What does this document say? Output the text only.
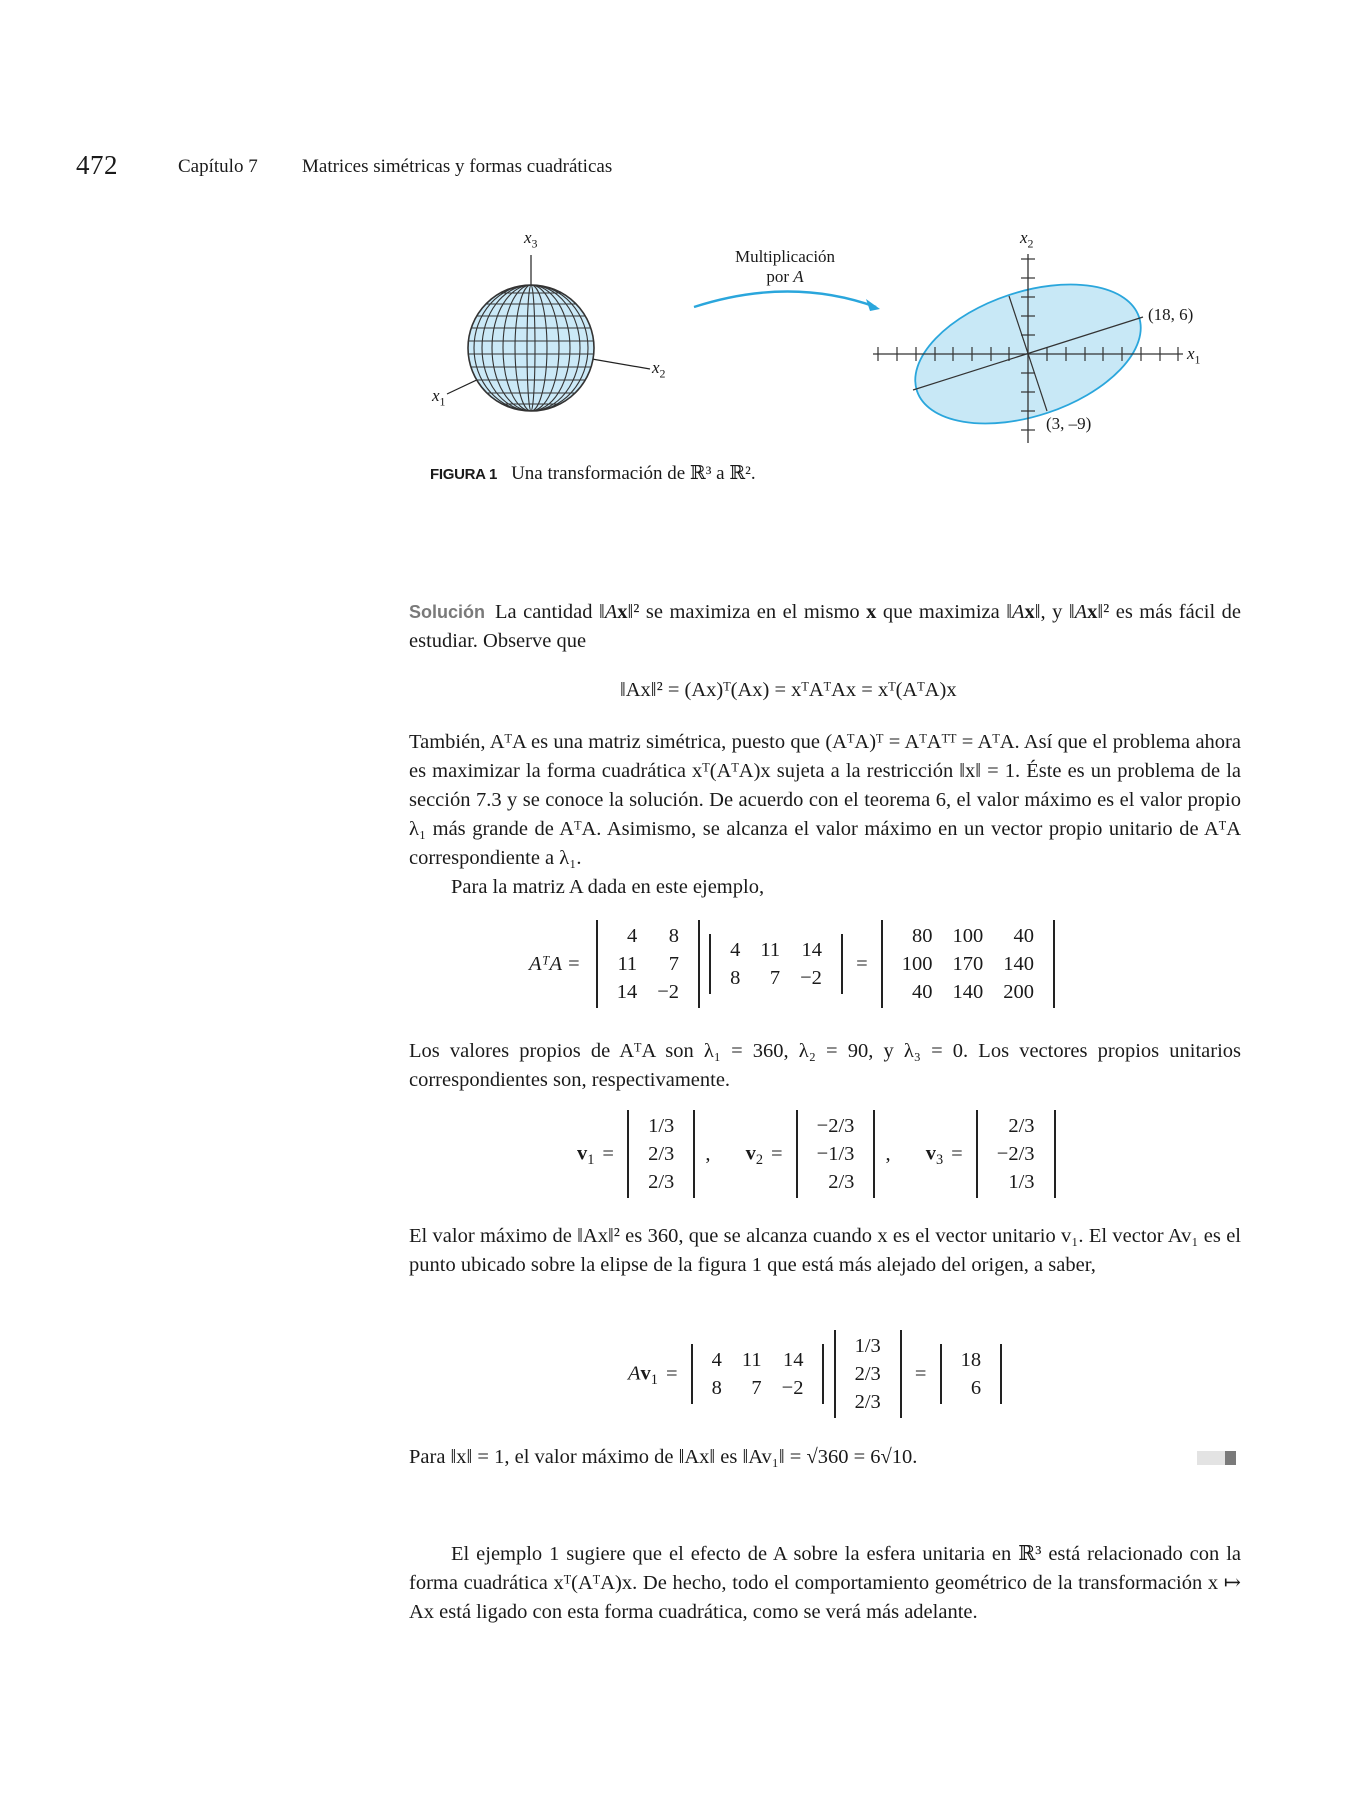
472	Capítulo 7 Matrices simétricas y formas cuadráticas
$x_3$
$x_2$
$x_1$
Multiplicación
por A
$x_2$
$x_1$
(18, 6)
(3, –9)
FIGURA 1 Una transformación de ℝ³ a ℝ².
Solución La cantidad ‖Ax‖² se maximiza en el mismo x que maximiza ‖Ax‖, y ‖Ax‖² es más fácil de estudiar. Observe que
‖Ax‖² = (Ax)ᵀ(Ax) = xᵀAᵀAx = xᵀ(AᵀA)x
También, AᵀA es una matriz simétrica, puesto que (AᵀA)ᵀ = AᵀAᵀᵀ = AᵀA. Así que el problema ahora es maximizar la forma cuadrática xᵀ(AᵀA)x sujeta a la restricción ‖x‖ = 1. Éste es un problema de la sección 7.3 y se conoce la solución. De acuerdo con el teorema 6, el valor máximo es el valor propio λ₁ más grande de AᵀA. Asimismo, se alcanza el valor máximo en un vector propio unitario de AᵀA correspondiente a λ₁.
Para la matriz A dada en este ejemplo,
AᵀA =
4	8
11	7
14	−2

4	11	14
8	7	−2
=
80	100	40
100	170	140
40	140	200
Los valores propios de AᵀA son λ₁ = 360, λ₂ = 90, y λ₃ = 0. Los vectores propios unitarios correspondientes son, respectivamente.
$v_1$ =
1/3
2/3
2/3
, $v_2$ =
−2/3
−1/3
2/3
, $v_3$ =
2/3
−2/3
1/3
El valor máximo de ‖Ax‖² es 360, que se alcanza cuando x es el vector unitario v₁. El vector Av₁ es el punto ubicado sobre la elipse de la figura 1 que está más alejado del origen, a saber,
$Av_1$ =
4	11	14
8	7	−2

1/3
2/3
2/3
=
18
6
Para ‖x‖ = 1, el valor máximo de ‖Ax‖ es ‖Av₁‖ = √360 = 6√10.
El ejemplo 1 sugiere que el efecto de A sobre la esfera unitaria en ℝ³ está relacionado con la forma cuadrática xᵀ(AᵀA)x. De hecho, todo el comportamiento geométrico de la transformación x ↦ Ax está ligado con esta forma cuadrática, como se verá más adelante.
